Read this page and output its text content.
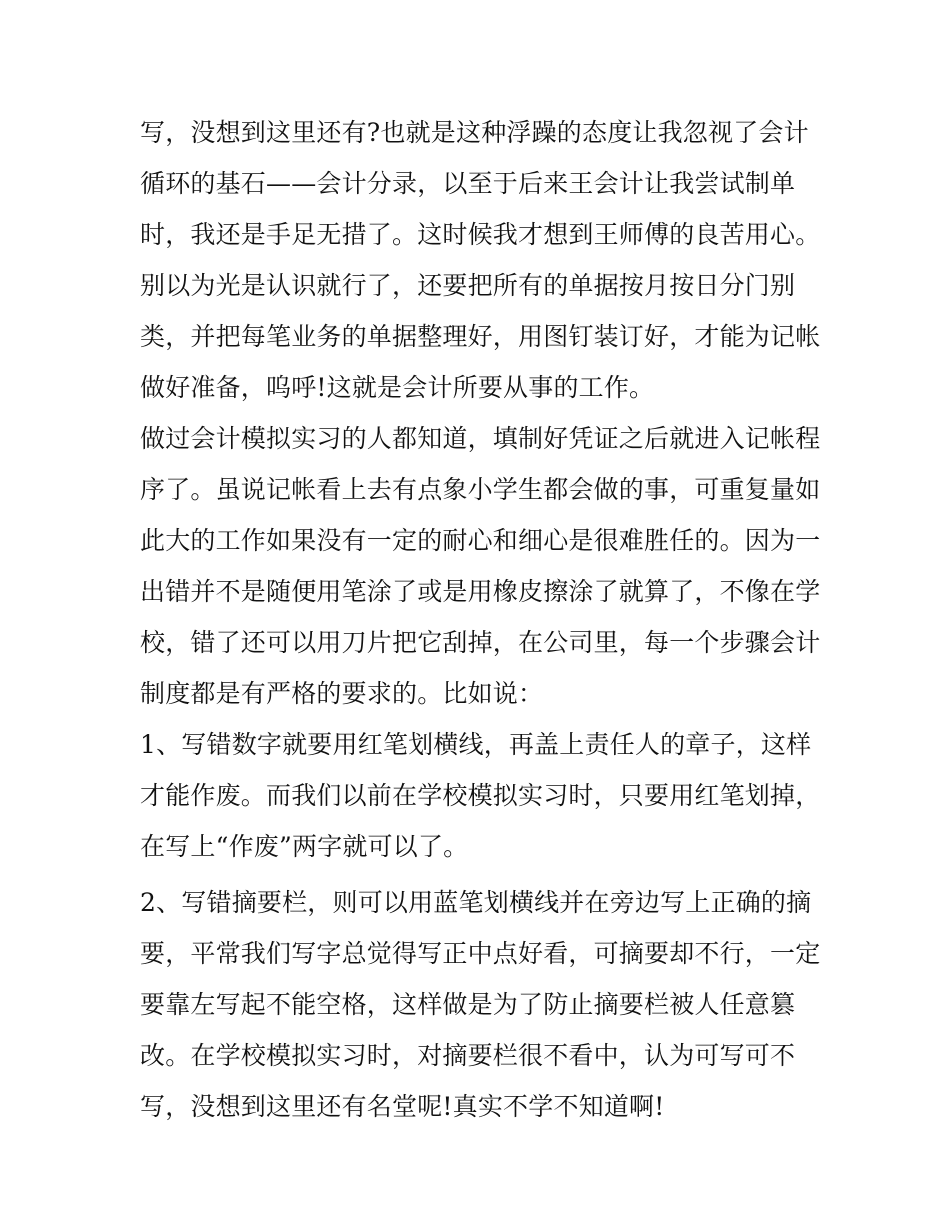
写，没想到这里还有?也就是这种浮躁的态度让我忽视了会计
循环的基石——会计分录，以至于后来王会计让我尝试制单
时，我还是手足无措了。这时候我才想到王师傅的良苦用心。
别以为光是认识就行了，还要把所有的单据按月按日分门别
类，并把每笔业务的单据整理好，用图钉装订好，才能为记帐
做好准备，呜呼!这就是会计所要从事的工作。
做过会计模拟实习的人都知道，填制好凭证之后就进入记帐程
序了。虽说记帐看上去有点象小学生都会做的事，可重复量如
此大的工作如果没有一定的耐心和细心是很难胜任的。因为一
出错并不是随便用笔涂了或是用橡皮擦涂了就算了，不像在学
校，错了还可以用刀片把它刮掉，在公司里，每一个步骤会计
制度都是有严格的要求的。比如说：
1、写错数字就要用红笔划横线，再盖上责任人的章子，这样
才能作废。而我们以前在学校模拟实习时，只要用红笔划掉，
在写上“作废”两字就可以了。
2、写错摘要栏，则可以用蓝笔划横线并在旁边写上正确的摘
要，平常我们写字总觉得写正中点好看，可摘要却不行，一定
要靠左写起不能空格，这样做是为了防止摘要栏被人任意篡
改。在学校模拟实习时，对摘要栏很不看中，认为可写可不
写，没想到这里还有名堂呢!真实不学不知道啊!
